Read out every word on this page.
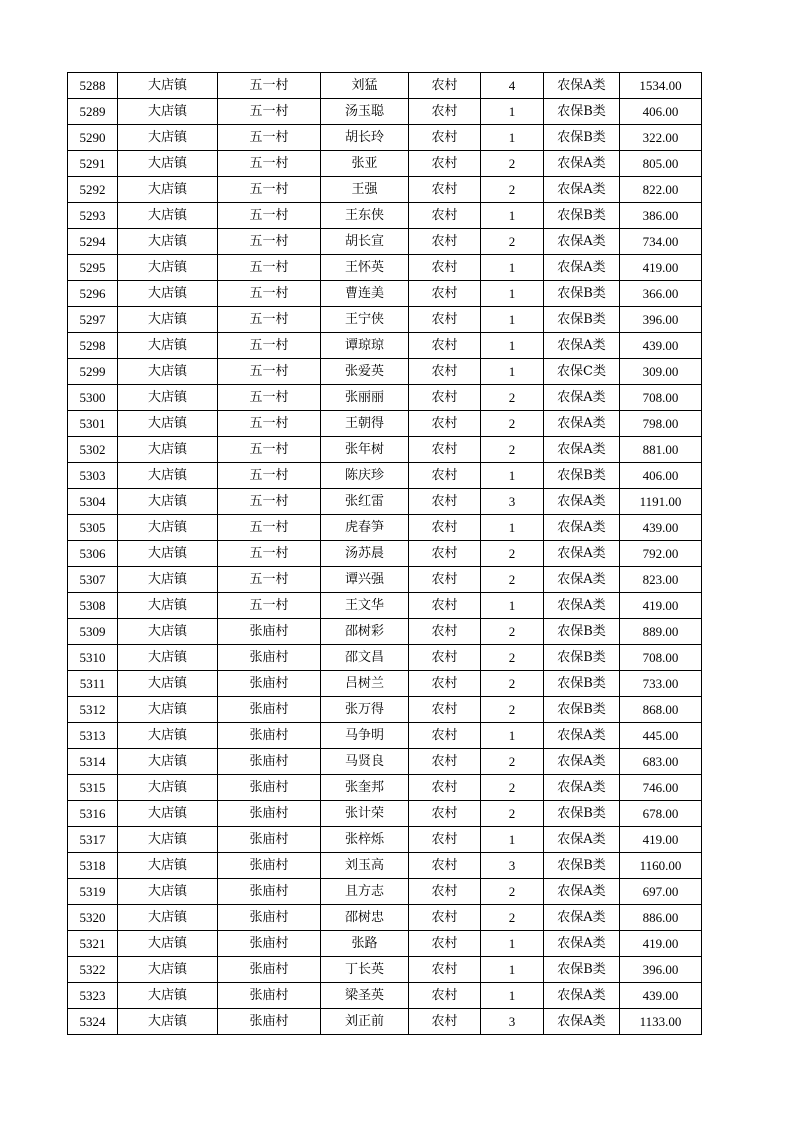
5288	大店镇	五一村	刘猛	农村	4	农保A类	1534.00
5289	大店镇	五一村	汤玉聪	农村	1	农保B类	406.00
5290	大店镇	五一村	胡长玲	农村	1	农保B类	322.00
5291	大店镇	五一村	张亚	农村	2	农保A类	805.00
5292	大店镇	五一村	王强	农村	2	农保A类	822.00
5293	大店镇	五一村	王东侠	农村	1	农保B类	386.00
5294	大店镇	五一村	胡长宣	农村	2	农保A类	734.00
5295	大店镇	五一村	王怀英	农村	1	农保A类	419.00
5296	大店镇	五一村	曹连美	农村	1	农保B类	366.00
5297	大店镇	五一村	王宁侠	农村	1	农保B类	396.00
5298	大店镇	五一村	谭琼琼	农村	1	农保A类	439.00
5299	大店镇	五一村	张爱英	农村	1	农保C类	309.00
5300	大店镇	五一村	张丽丽	农村	2	农保A类	708.00
5301	大店镇	五一村	王朝得	农村	2	农保A类	798.00
5302	大店镇	五一村	张年树	农村	2	农保A类	881.00
5303	大店镇	五一村	陈庆珍	农村	1	农保B类	406.00
5304	大店镇	五一村	张红雷	农村	3	农保A类	1191.00
5305	大店镇	五一村	虎春笋	农村	1	农保A类	439.00
5306	大店镇	五一村	汤苏晨	农村	2	农保A类	792.00
5307	大店镇	五一村	谭兴强	农村	2	农保A类	823.00
5308	大店镇	五一村	王文华	农村	1	农保A类	419.00
5309	大店镇	张庙村	邵树彩	农村	2	农保B类	889.00
5310	大店镇	张庙村	邵文昌	农村	2	农保B类	708.00
5311	大店镇	张庙村	吕树兰	农村	2	农保B类	733.00
5312	大店镇	张庙村	张万得	农村	2	农保B类	868.00
5313	大店镇	张庙村	马争明	农村	1	农保A类	445.00
5314	大店镇	张庙村	马贤良	农村	2	农保A类	683.00
5315	大店镇	张庙村	张奎邦	农村	2	农保A类	746.00
5316	大店镇	张庙村	张计荣	农村	2	农保B类	678.00
5317	大店镇	张庙村	张梓烁	农村	1	农保A类	419.00
5318	大店镇	张庙村	刘玉高	农村	3	农保B类	1160.00
5319	大店镇	张庙村	且方志	农村	2	农保A类	697.00
5320	大店镇	张庙村	邵树忠	农村	2	农保A类	886.00
5321	大店镇	张庙村	张路	农村	1	农保A类	419.00
5322	大店镇	张庙村	丁长英	农村	1	农保B类	396.00
5323	大店镇	张庙村	梁圣英	农村	1	农保A类	439.00
5324	大店镇	张庙村	刘正前	农村	3	农保A类	1133.00
